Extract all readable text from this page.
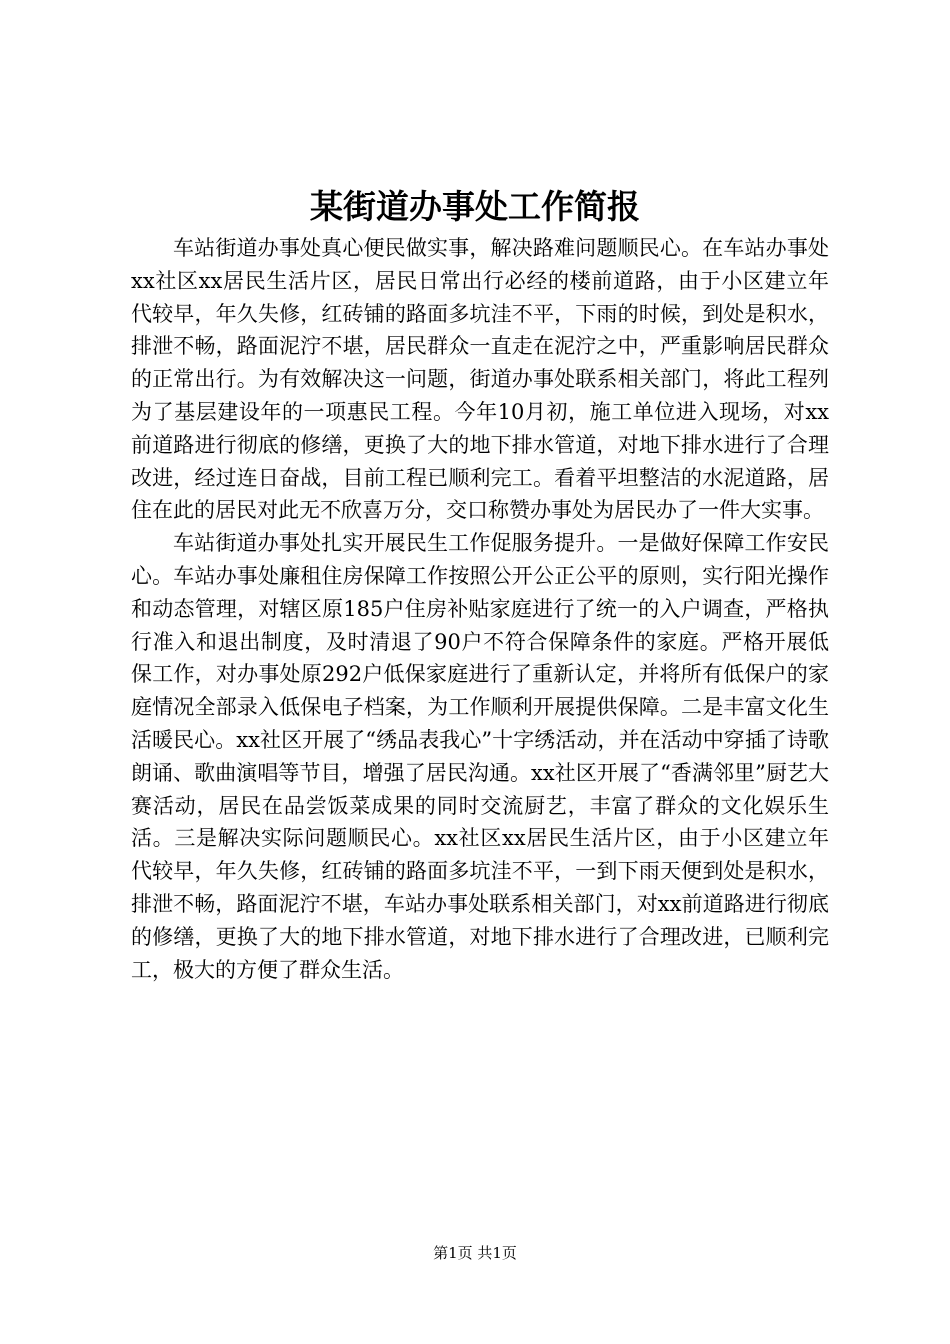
某街道办事处工作简报

车站街道办事处真心便民做实事，解决路难问题顺民心。在车站办事处xx社区xx居民生活片区，居民日常出行必经的楼前道路，由于小区建立年代较早，年久失修，红砖铺的路面多坑洼不平，下雨的时候，到处是积水，排泄不畅，路面泥泞不堪，居民群众一直走在泥泞之中，严重影响居民群众的正常出行。为有效解决这一问题，街道办事处联系相关部门，将此工程列为了基层建设年的一项惠民工程。今年10月初，施工单位进入现场，对xx前道路进行彻底的修缮，更换了大的地下排水管道，对地下排水进行了合理改进，经过连日奋战，目前工程已顺利完工。看着平坦整洁的水泥道路，居住在此的居民对此无不欣喜万分，交口称赞办事处为居民办了一件大实事。

车站街道办事处扎实开展民生工作促服务提升。一是做好保障工作安民心。车站办事处廉租住房保障工作按照公开公正公平的原则，实行阳光操作和动态管理，对辖区原185户住房补贴家庭进行了统一的入户调查，严格执行准入和退出制度，及时清退了90户不符合保障条件的家庭。严格开展低保工作，对办事处原292户低保家庭进行了重新认定，并将所有低保户的家庭情况全部录入低保电子档案，为工作顺利开展提供保障。二是丰富文化生活暖民心。xx社区开展了“绣品表我心”十字绣活动，并在活动中穿插了诗歌朗诵、歌曲演唱等节目，增强了居民沟通。xx社区开展了“香满邻里”厨艺大赛活动，居民在品尝饭菜成果的同时交流厨艺，丰富了群众的文化娱乐生活。三是解决实际问题顺民心。xx社区xx居民生活片区，由于小区建立年代较早，年久失修，红砖铺的路面多坑洼不平，一到下雨天便到处是积水，排泄不畅，路面泥泞不堪，车站办事处联系相关部门，对xx前道路进行彻底的修缮，更换了大的地下排水管道，对地下排水进行了合理改进，已顺利完工，极大的方便了群众生活。

第1页 共1页
